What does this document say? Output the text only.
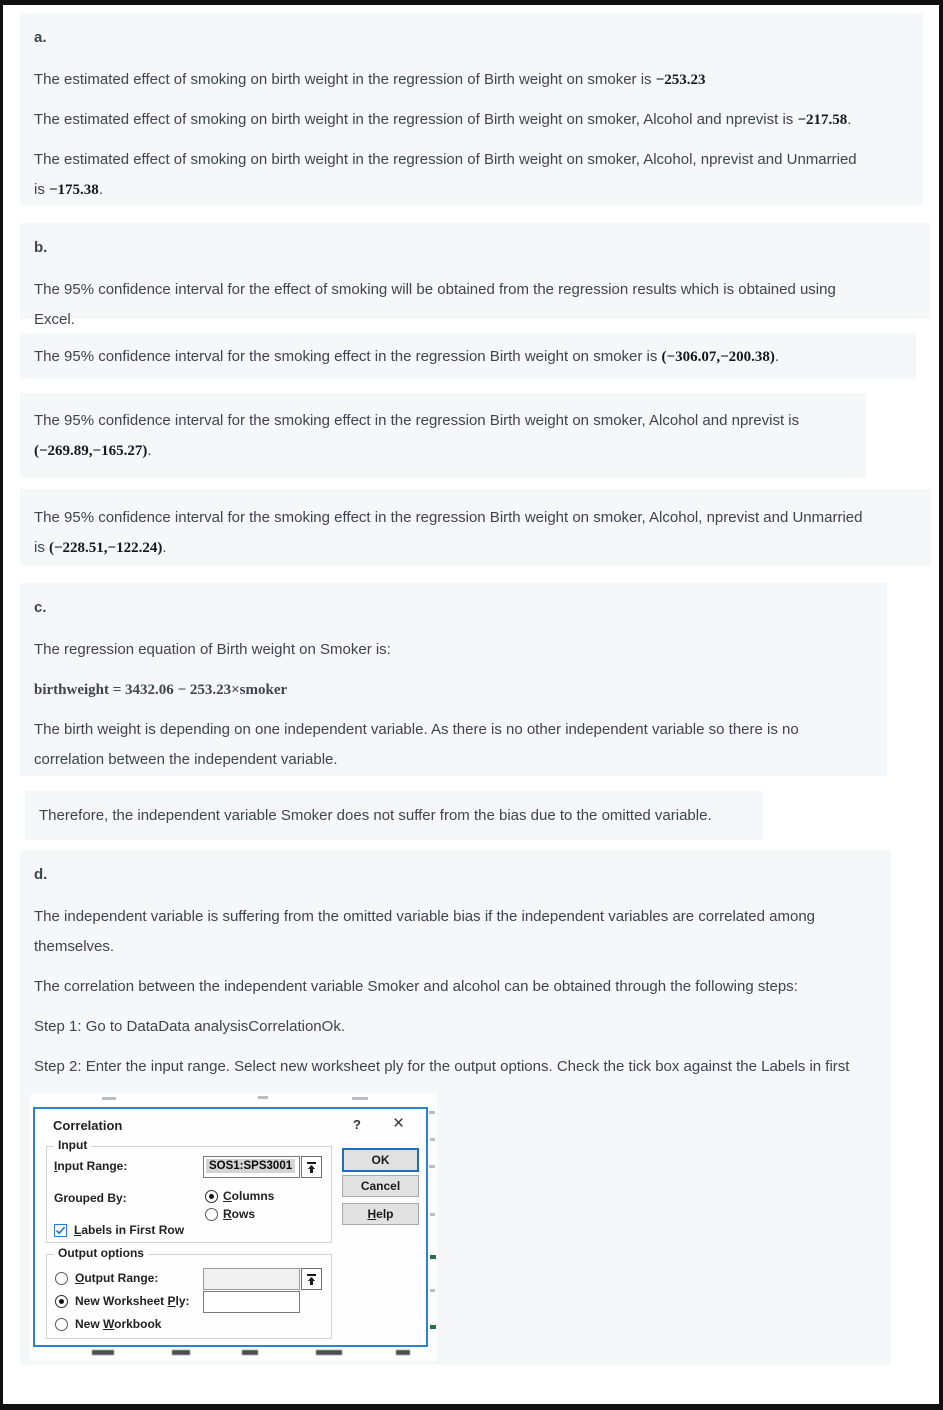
a.

The estimated effect of smoking on birth weight in the regression of Birth weight on smoker is −253.23

The estimated effect of smoking on birth weight in the regression of Birth weight on smoker, Alcohol and nprevist is −217.58.

The estimated effect of smoking on birth weight in the regression of Birth weight on smoker, Alcohol, nprevist and Unmarried
is −175.38.

b.

The 95% confidence interval for the effect of smoking will be obtained from the regression results which is obtained using
Excel.

The 95% confidence interval for the smoking effect in the regression Birth weight on smoker is (−306.07,−200.38).

The 95% confidence interval for the smoking effect in the regression Birth weight on smoker, Alcohol and nprevist is
(−269.89,−165.27).

The 95% confidence interval for the smoking effect in the regression Birth weight on smoker, Alcohol, nprevist and Unmarried
is (−228.51,−122.24).

c.

The regression equation of Birth weight on Smoker is:

birthweight = 3432.06 − 253.23×smoker

The birth weight is depending on one independent variable. As there is no other independent variable so there is no
correlation between the independent variable.

Therefore, the independent variable Smoker does not suffer from the bias due to the omitted variable.

d.

The independent variable is suffering from the omitted variable bias if the independent variables are correlated among
themselves.

The correlation between the independent variable Smoker and alcohol can be obtained through the following steps:

Step 1: Go to DataData analysisCorrelationOk.

Step 2: Enter the input range. Select new worksheet ply for the output options. Check the tick box against the Labels in first

Correlation	? ×
Input
Input Range:	SOS1:SPS3001
Grouped By:	Columns
Rows
Labels in First Row
Output options
Output Range:
New Worksheet Ply:
New Workbook
OK
Cancel
Help
